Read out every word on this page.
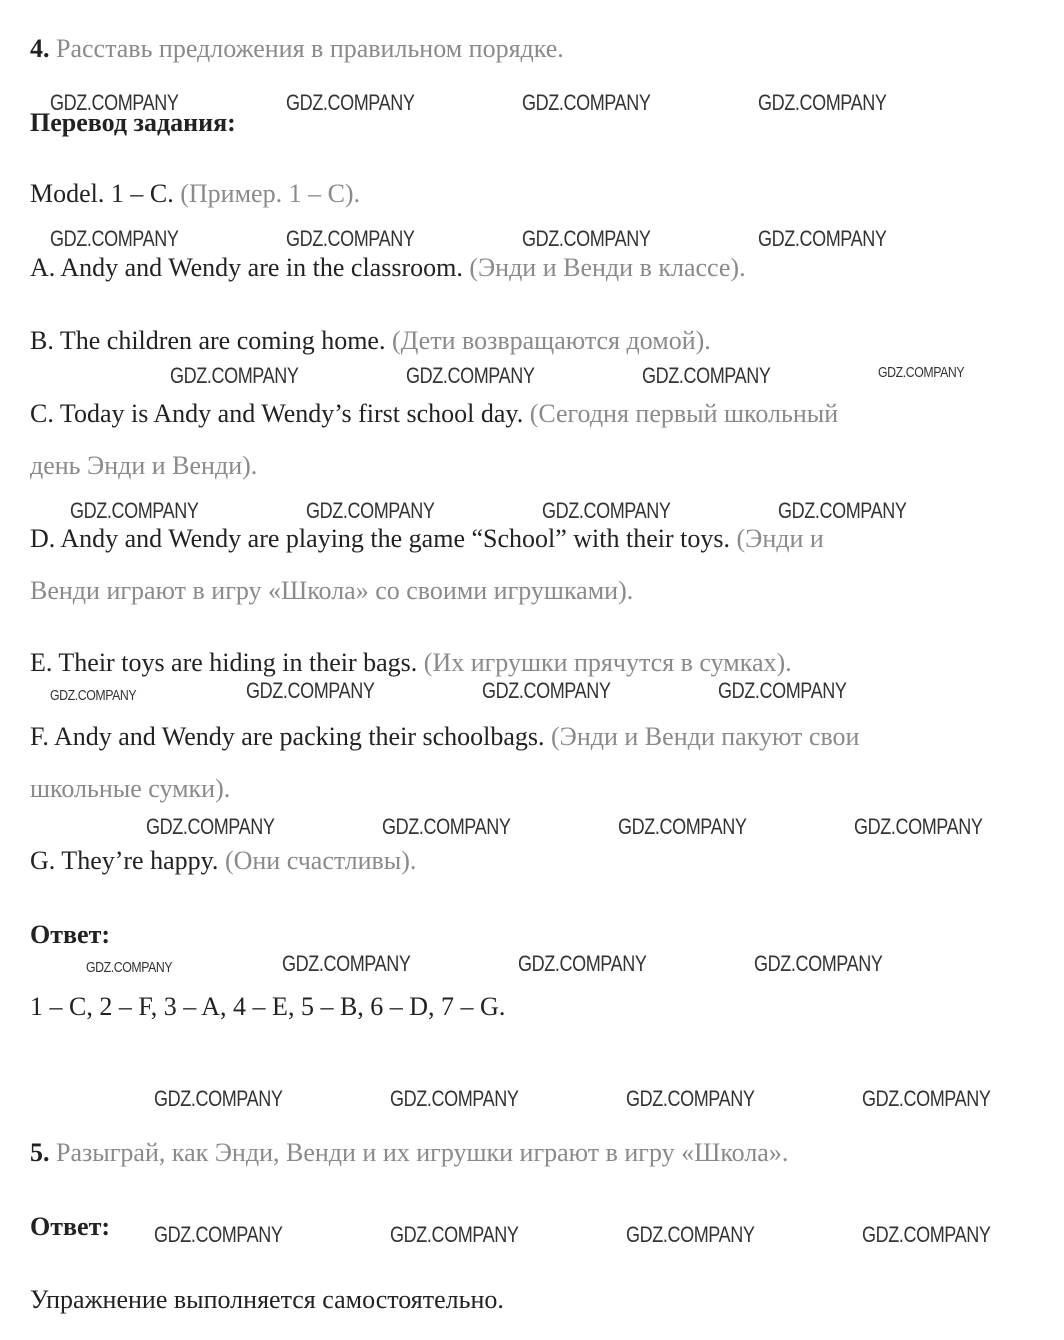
4. Расставь предложения в правильном порядке.
Перевод задания:
Model. 1 – C. (Пример. 1 – C).
A. Andy and Wendy are in the classroom. (Энди и Венди в классе).
B. The children are coming home. (Дети возвращаются домой).
C. Today is Andy and Wendy’s first school day. (Сегодня первый школьный
день Энди и Венди).
D. Andy and Wendy are playing the game “School” with their toys. (Энди и
Венди играют в игру «Школа» со своими игрушками).
E. Their toys are hiding in their bags. (Их игрушки прячутся в сумках).
F. Andy and Wendy are packing their schoolbags. (Энди и Венди пакуют свои
школьные сумки).
G. They’re happy. (Они счастливы).
Ответ:
1 – C, 2 – F, 3 – A, 4 – E, 5 – B, 6 – D, 7 – G.
5. Разыграй, как Энди, Венди и их игрушки играют в игру «Школа».
Ответ:
Упражнение выполняется самостоятельно.
GDZ.COMPANY	GDZ.COMPANY	GDZ.COMPANY	GDZ.COMPANY
GDZ.COMPANY	GDZ.COMPANY	GDZ.COMPANY	GDZ.COMPANY
GDZ.COMPANY	GDZ.COMPANY	GDZ.COMPANY	GDZ.COMPANY
GDZ.COMPANY	GDZ.COMPANY	GDZ.COMPANY	GDZ.COMPANY
GDZ.COMPANY	GDZ.COMPANY	GDZ.COMPANY	GDZ.COMPANY
GDZ.COMPANY	GDZ.COMPANY	GDZ.COMPANY	GDZ.COMPANY
GDZ.COMPANY	GDZ.COMPANY	GDZ.COMPANY	GDZ.COMPANY
GDZ.COMPANY	GDZ.COMPANY	GDZ.COMPANY	GDZ.COMPANY
GDZ.COMPANY	GDZ.COMPANY	GDZ.COMPANY	GDZ.COMPANY
